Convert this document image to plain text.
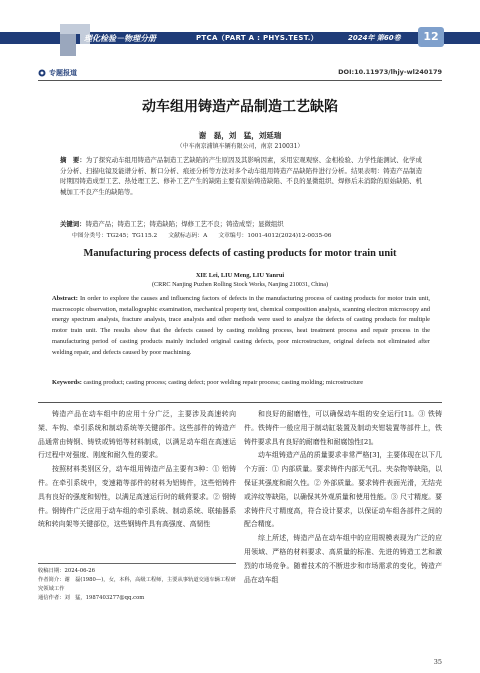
理化检验－物理分册	PTCA（PART A : PHYS.TEST.）	2024年 第60卷	12
专题报道	DOI:10.11973/lhjy-wl240179
动车组用铸造产品制造工艺缺陷
谢　磊，刘　猛，刘延瑞
（中车南京浦镇车辆有限公司，南京 210031）
摘　要：为了探究动车组用铸造产品制造工艺缺陷的产生原因及其影响因素，采用宏观观察、金相检验、力学性能测试、化学成分分析、扫描电镜及能谱分析、断口分析、痕迹分析等方法对多个动车组用铸造产品缺陷件进行分析。结果表明：铸造产品制造时期因铸造成型工艺、热处理工艺、修补工艺产生的缺陷主要有原始铸造缺陷、不良的显微组织、焊修后未消除的原始缺陷、机械加工不良产生的缺陷等。
关键词：铸造产品；铸造工艺；铸造缺陷；焊修工艺不良；铸造成型；显微组织
中图分类号：TG245；TG115.2 文献标志码：A 文章编号：1001-4012(2024)12-0035-06
Manufacturing process defects of casting products for motor train unit
XIE Lei, LIU Meng, LIU Yanrui
(CRRC Nanjing Puzhen Rolling Stock Works, Nanjing 210031, China)
Abstract: In order to explore the causes and influencing factors of defects in the manufacturing process of casting products for motor train unit, macroscopic observation, metallographic examination, mechanical property test, chemical composition analysis, scanning electron microscopy and energy spectrum analysis, fracture analysis, trace analysis and other methods were used to analyze the defects of casting products for multiple motor train unit. The results show that the defects caused by casting molding process, heat treatment process and repair process in the manufacturing period of casting products mainly included original casting defects, poor microstructure, original defects not eliminated after welding repair, and defects caused by poor machining.
Keywords: casting product; casting process; casting defect; poor welding repair process; casting molding; microstructure

铸造产品在动车组中的应用十分广泛，主要涉及高速转向架、车钩、牵引系统和制动系统等关键部件。这些部件的铸造产品通常由铸钢、铸铁或铸铝等材料制成，以满足动车组在高速运行过程中对强度、刚度和耐久性的要求。

按照材料类别区分，动车组用铸造产品主要有3种：① 铝铸件。在牵引系统中，变速箱等部件的材料为铝铸件，这些铝铸件具有良好的强度和韧性，以满足高速运行时的载荷要求。② 钢铸件。钢铸件广泛应用于动车组的牵引系统、制动系统、联轴器系统和转向架等关键部位，这些钢铸件具有高强度、高韧性

和良好的耐磨性，可以确保动车组的安全运行[1]。③ 铁铸件。铁铸件一般应用于制动缸装置及制动夹钳装置等部件上，铁铸件要求具有良好的耐磨性和耐腐蚀性[2]。

动车组铸造产品的质量要求非常严格[3]，主要体现在以下几个方面：① 内部质量。要求铸件内部无气孔、夹杂物等缺陷，以保证其强度和耐久性。② 外部质量。要求铸件表面光滑，无结壳或淬纹等缺陷，以确保其外观质量和使用性能。③ 尺寸精度。要求铸件尺寸精度高，符合设计要求，以保证动车组各部件之间的配合精度。

综上所述，铸造产品在动车组中的应用规模表现为广泛的应用领域、严格的材料要求、高质量的标准、先进的铸造工艺和激烈的市场竞争。随着技术的不断进步和市场需求的变化，铸造产品在动车组

收稿日期：2024-06-26
作者简介：谢　磊(1980—)，女，本科，高级工程师，主要从事轨道交通车辆工程研究领域工作
通信作者：刘　猛，1987403277@qq.com
35
